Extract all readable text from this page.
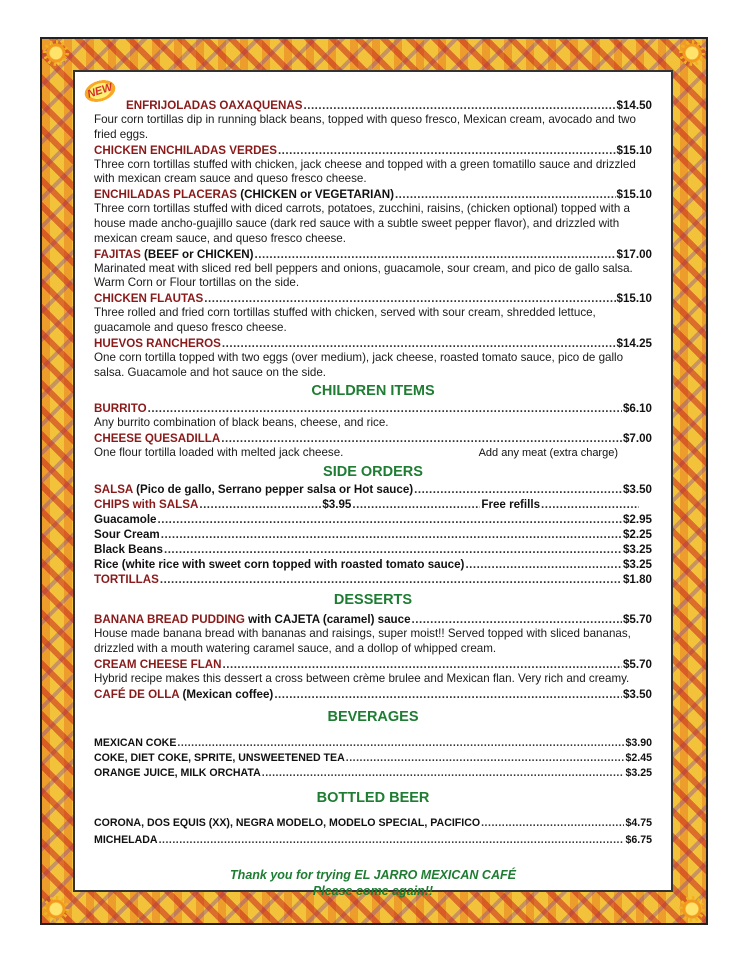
NEW
ENFRIJOLADAS OAXAQUENAS .....	$14.50
Four corn tortillas dip in running black beans, topped with queso fresco, Mexican cream, avocado and two fried eggs.
CHICKEN ENCHILADAS VERDES .....	$15.10
Three corn tortillas stuffed with chicken, jack cheese and topped with a green tomatillo sauce and drizzled with mexican cream sauce and queso fresco cheese.
ENCHILADAS PLACERAS (CHICKEN or VEGETARIAN) .....	$15.10
Three corn tortillas stuffed with diced carrots, potatoes, zucchini, raisins, (chicken optional) topped with a house made ancho-guajillo sauce (dark red sauce with a subtle sweet pepper flavor), and drizzled with mexican cream sauce, and queso fresco cheese.
FAJITAS (BEEF or CHICKEN) .....	$17.00
Marinated meat with sliced red bell peppers and onions, guacamole, sour cream, and pico de gallo salsa. Warm Corn or Flour tortillas on the side.
CHICKEN FLAUTAS .....	$15.10
Three rolled and fried corn tortillas stuffed with chicken, served with sour cream, shredded lettuce, guacamole and queso fresco cheese.
HUEVOS RANCHEROS .....	$14.25
One corn tortilla topped with two eggs (over medium), jack cheese, roasted tomato sauce, pico de gallo salsa. Guacamole and hot sauce on the side.
CHILDREN ITEMS
BURRITO .....	$6.10
Any burrito combination of black beans, cheese, and rice.
CHEESE QUESADILLA .....	$7.00
One flour tortilla loaded with melted jack cheese.	Add any meat (extra charge)
SIDE ORDERS
SALSA (Pico de gallo, Serrano pepper salsa or Hot sauce) .....	$3.50
CHIPS with SALSA .....	$3.95 .....	Free refills
.....
Guacamole .....	$2.95
Sour Cream .....	$2.25
Black Beans .....	$3.25
Rice (white rice with sweet corn topped with roasted tomato sauce) .....	$3.25
TORTILLAS .....	$1.80
DESSERTS
BANANA BREAD PUDDING with CAJETA (caramel) sauce .....	$5.70
House made banana bread with bananas and raisings, super moist!! Served topped with sliced bananas, drizzled with a mouth watering caramel sauce, and a dollop of whipped cream.
CREAM CHEESE FLAN .....	$5.70
Hybrid recipe makes this dessert a cross between crème brulee and Mexican flan. Very rich and creamy.
CAFÉ DE OLLA (Mexican coffee) .....	$3.50
BEVERAGES
MEXICAN COKE .....	$3.90
COKE, DIET COKE, SPRITE, UNSWEETENED TEA .....	$2.45
ORANGE JUICE, MILK ORCHATA .....	$3.25
BOTTLED BEER
CORONA, DOS EQUIS (XX), NEGRA MODELO, MODELO SPECIAL, PACIFICO .....	$4.75
MICHELADA .....	$6.75
Thank you for trying EL JARRO MEXICAN CAFÉ
Please come again!!
